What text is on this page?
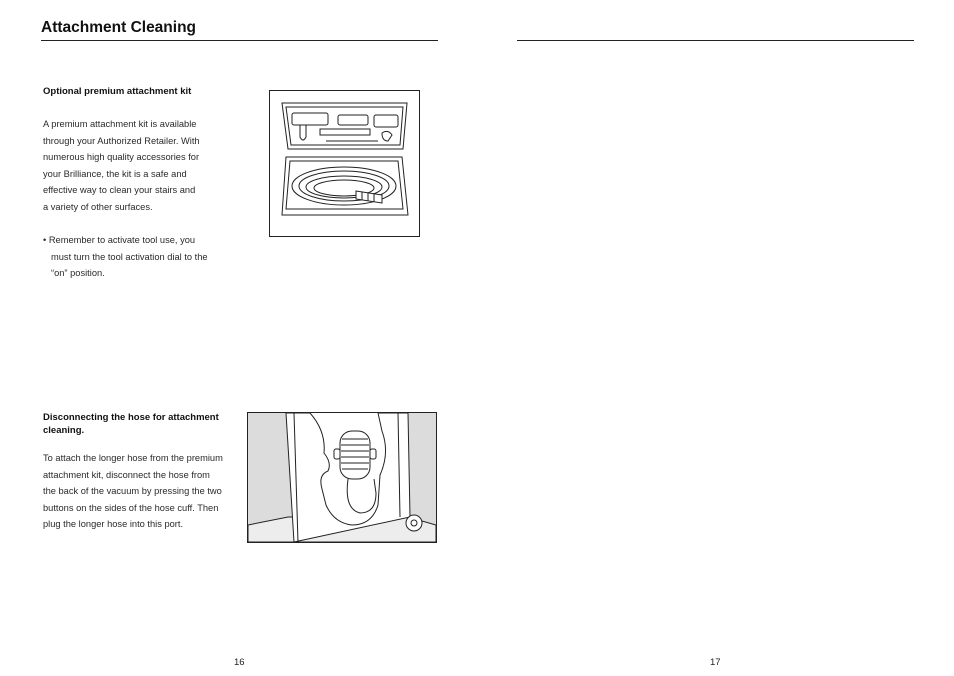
Attachment Cleaning
Optional premium attachment kit
A premium attachment kit is available
through your Authorized Retailer. With
numerous high quality accessories for
your Brilliance, the kit is a safe and
effective way to clean your stairs and
a variety of other surfaces.
• Remember to activate tool use, you
must turn the tool activation dial to the
“on” position.
Disconnecting the hose for attachment
cleaning.
To attach the longer hose from the premium
attachment kit, disconnect the hose from
the back of the vacuum by pressing the two
buttons on the sides of the hose cuff. Then
plug the longer hose into this port.
16	17
